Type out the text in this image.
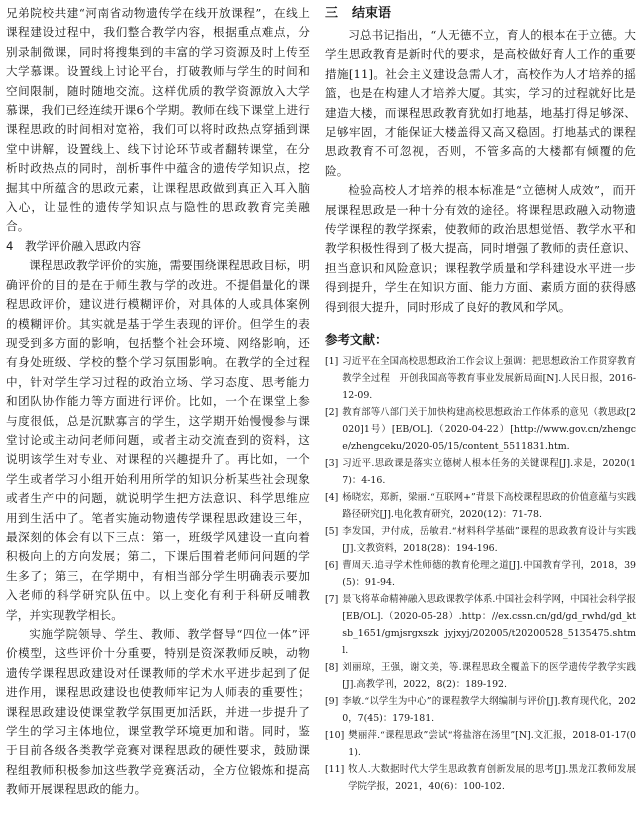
兄弟院校共建“河南省动物遗传学在线开放课程”，在线上课程建设过程中，我们整合教学内容，根据重点难点，分别录制微课，同时将搜集到的丰富的学习资源及时上传至大学慕课。设置线上讨论平台，打破教师与学生的时间和空间限制，随时随地交流。这样优质的教学资源放入大学慕课，我们已经连续开课6个学期。教师在线下课堂上进行课程思政的时间相对宽裕，我们可以将时政热点穿插到课堂中讲解，设置线上、线下讨论环节或者翻转课堂，在分析时政热点的同时，剖析事件中蕴含的遗传学知识点，挖掘其中所蕴含的思政元素，让课程思政做到真正入耳入脑入心，让显性的遗传学知识点与隐性的思政教育完美融合。

4　教学评价融入思政内容

课程思政教学评价的实施，需要围绕课程思政目标，明确评价的目的是在于师生教与学的改进。不提倡量化的课程思政评价，建议进行模糊评价，对具体的人或具体案例的模糊评价。其实就是基于学生表现的评价。但学生的表现受到多方面的影响，包括整个社会环境、网络影响，还有身处班级、学校的整个学习氛围影响。在教学的全过程中，针对学生学习过程的政治立场、学习态度、思考能力和团队协作能力等方面进行评价。比如，一个在课堂上参与度很低，总是沉默寡言的学生，这学期开始慢慢参与课堂讨论或主动问老师问题，或者主动交流查到的资料，这说明该学生对专业、对课程的兴趣提升了。再比如，一个学生或者学习小组开始利用所学的知识分析某些社会现象或者生产中的问题，就说明学生把方法意识、科学思维应用到生活中了。笔者实施动物遗传学课程思政建设三年，最深刻的体会有以下三点：第一，班级学风建设一直向着积极向上的方向发展；第二，下课后围着老师问问题的学生多了；第三，在学期中，有相当部分学生明确表示要加入老师的科学研究队伍中。以上变化有利于科研反哺教学，并实现教学相长。

实施学院领导、学生、教师、教学督导“四位一体”评价模型，这些评价十分重要，特别是资深教师反映，动物遗传学课程思政建设对任课教师的学术水平进步起到了促进作用，课程思政建设也使教师牢记为人师表的重要性；课程思政建设使课堂教学氛围更加活跃，并进一步提升了学生的学习主体地位，课堂教学环境更加和谐。同时，鉴于目前各级各类教学竞赛对课程思政的硬性要求，鼓励课程组教师积极参加这些教学竞赛活动，全方位锻炼和提高教师开展课程思政的能力。

三 结束语

习总书记指出，“人无德不立，育人的根本在于立德。大学生思政教育是新时代的要求，是高校做好育人工作的重要措施[11]。社会主义建设急需人才，高校作为人才培养的摇篮，也是在构建人才培养大厦。其实，学习的过程就好比是建造大楼，而课程思政教育犹如打地基，地基打得足够深、足够牢固，才能保证大楼盖得又高又稳固。打地基式的课程思政教育不可忽视，否则，不管多高的大楼都有倾覆的危险。

检验高校人才培养的根本标准是“立德树人成效”，而开展课程思政是一种十分有效的途径。将课程思政融入动物遗传学课程的教学探索，使教师的政治思想觉悟、教学水平和教学积极性得到了极大提高，同时增强了教师的责任意识、担当意识和风险意识；课程教学质量和学科建设水平进一步得到提升，学生在知识方面、能力方面、素质方面的获得感得到很大提升，同时形成了良好的教风和学风。

参考文献：
[1] 习近平在全国高校思想政治工作会议上强调：把思想政治工作贯穿教育教学全过程　开创我国高等教育事业发展新局面[N].人民日报，2016-12-09.
[2] 教育部等八部门关于加快构建高校思想政治工作体系的意见（教思政[2020]1号）[EB/OL].（2020-04-22）[http://www.gov.cn/zhengce/zhengceku/2020-05/15/content_5511831.htm.
[3] 习近平.思政课是落实立德树人根本任务的关键课程[J].求是，2020(17)：4-16.
[4] 杨晓宏，郑新，梁丽.“互联网+”背景下高校课程思政的价值意蕴与实践路径研究[J].电化教育研究，2020(12)：71-78.
[5] 李发国，尹付成，岳敏君.“材料科学基础”课程的思政教育设计与实践[J].文教资料，2018(28)：194-196.
[6] 曹周天.追寻学术性师德的教育伦理之道[J].中国教育学刊，2018，39(5)：91-94.
[7] 景飞将革命精神融入思政课教学体系.中国社会科学网，中国社会科学报[EB/OL].（2020-05-28）.http：//ex.cssn.cn/gd/gd_rwhd/gd_ktsb_1651/gmjsrgxszk jyjxyj/202005/t20200528_5135475.shtml.
[8] 刘丽琼，王强，谢文美，等.课程思政全覆盖下的医学遗传学教学实践[J].高教学刊，2022，8(2)：189-192.
[9] 李敏.“以学生为中心”的课程教学大纲编制与评价[J].教育现代化，2020，7(45)：179-181.
[10] 樊丽萍.“课程思政”尝试“将盐溶在汤里”[N].文汇报，2018-01-17(01).
[11] 牧人.大数据时代大学生思政教育创新发展的思考[J].黑龙江教师发展学院学报，2021，40(6)：100-102.
